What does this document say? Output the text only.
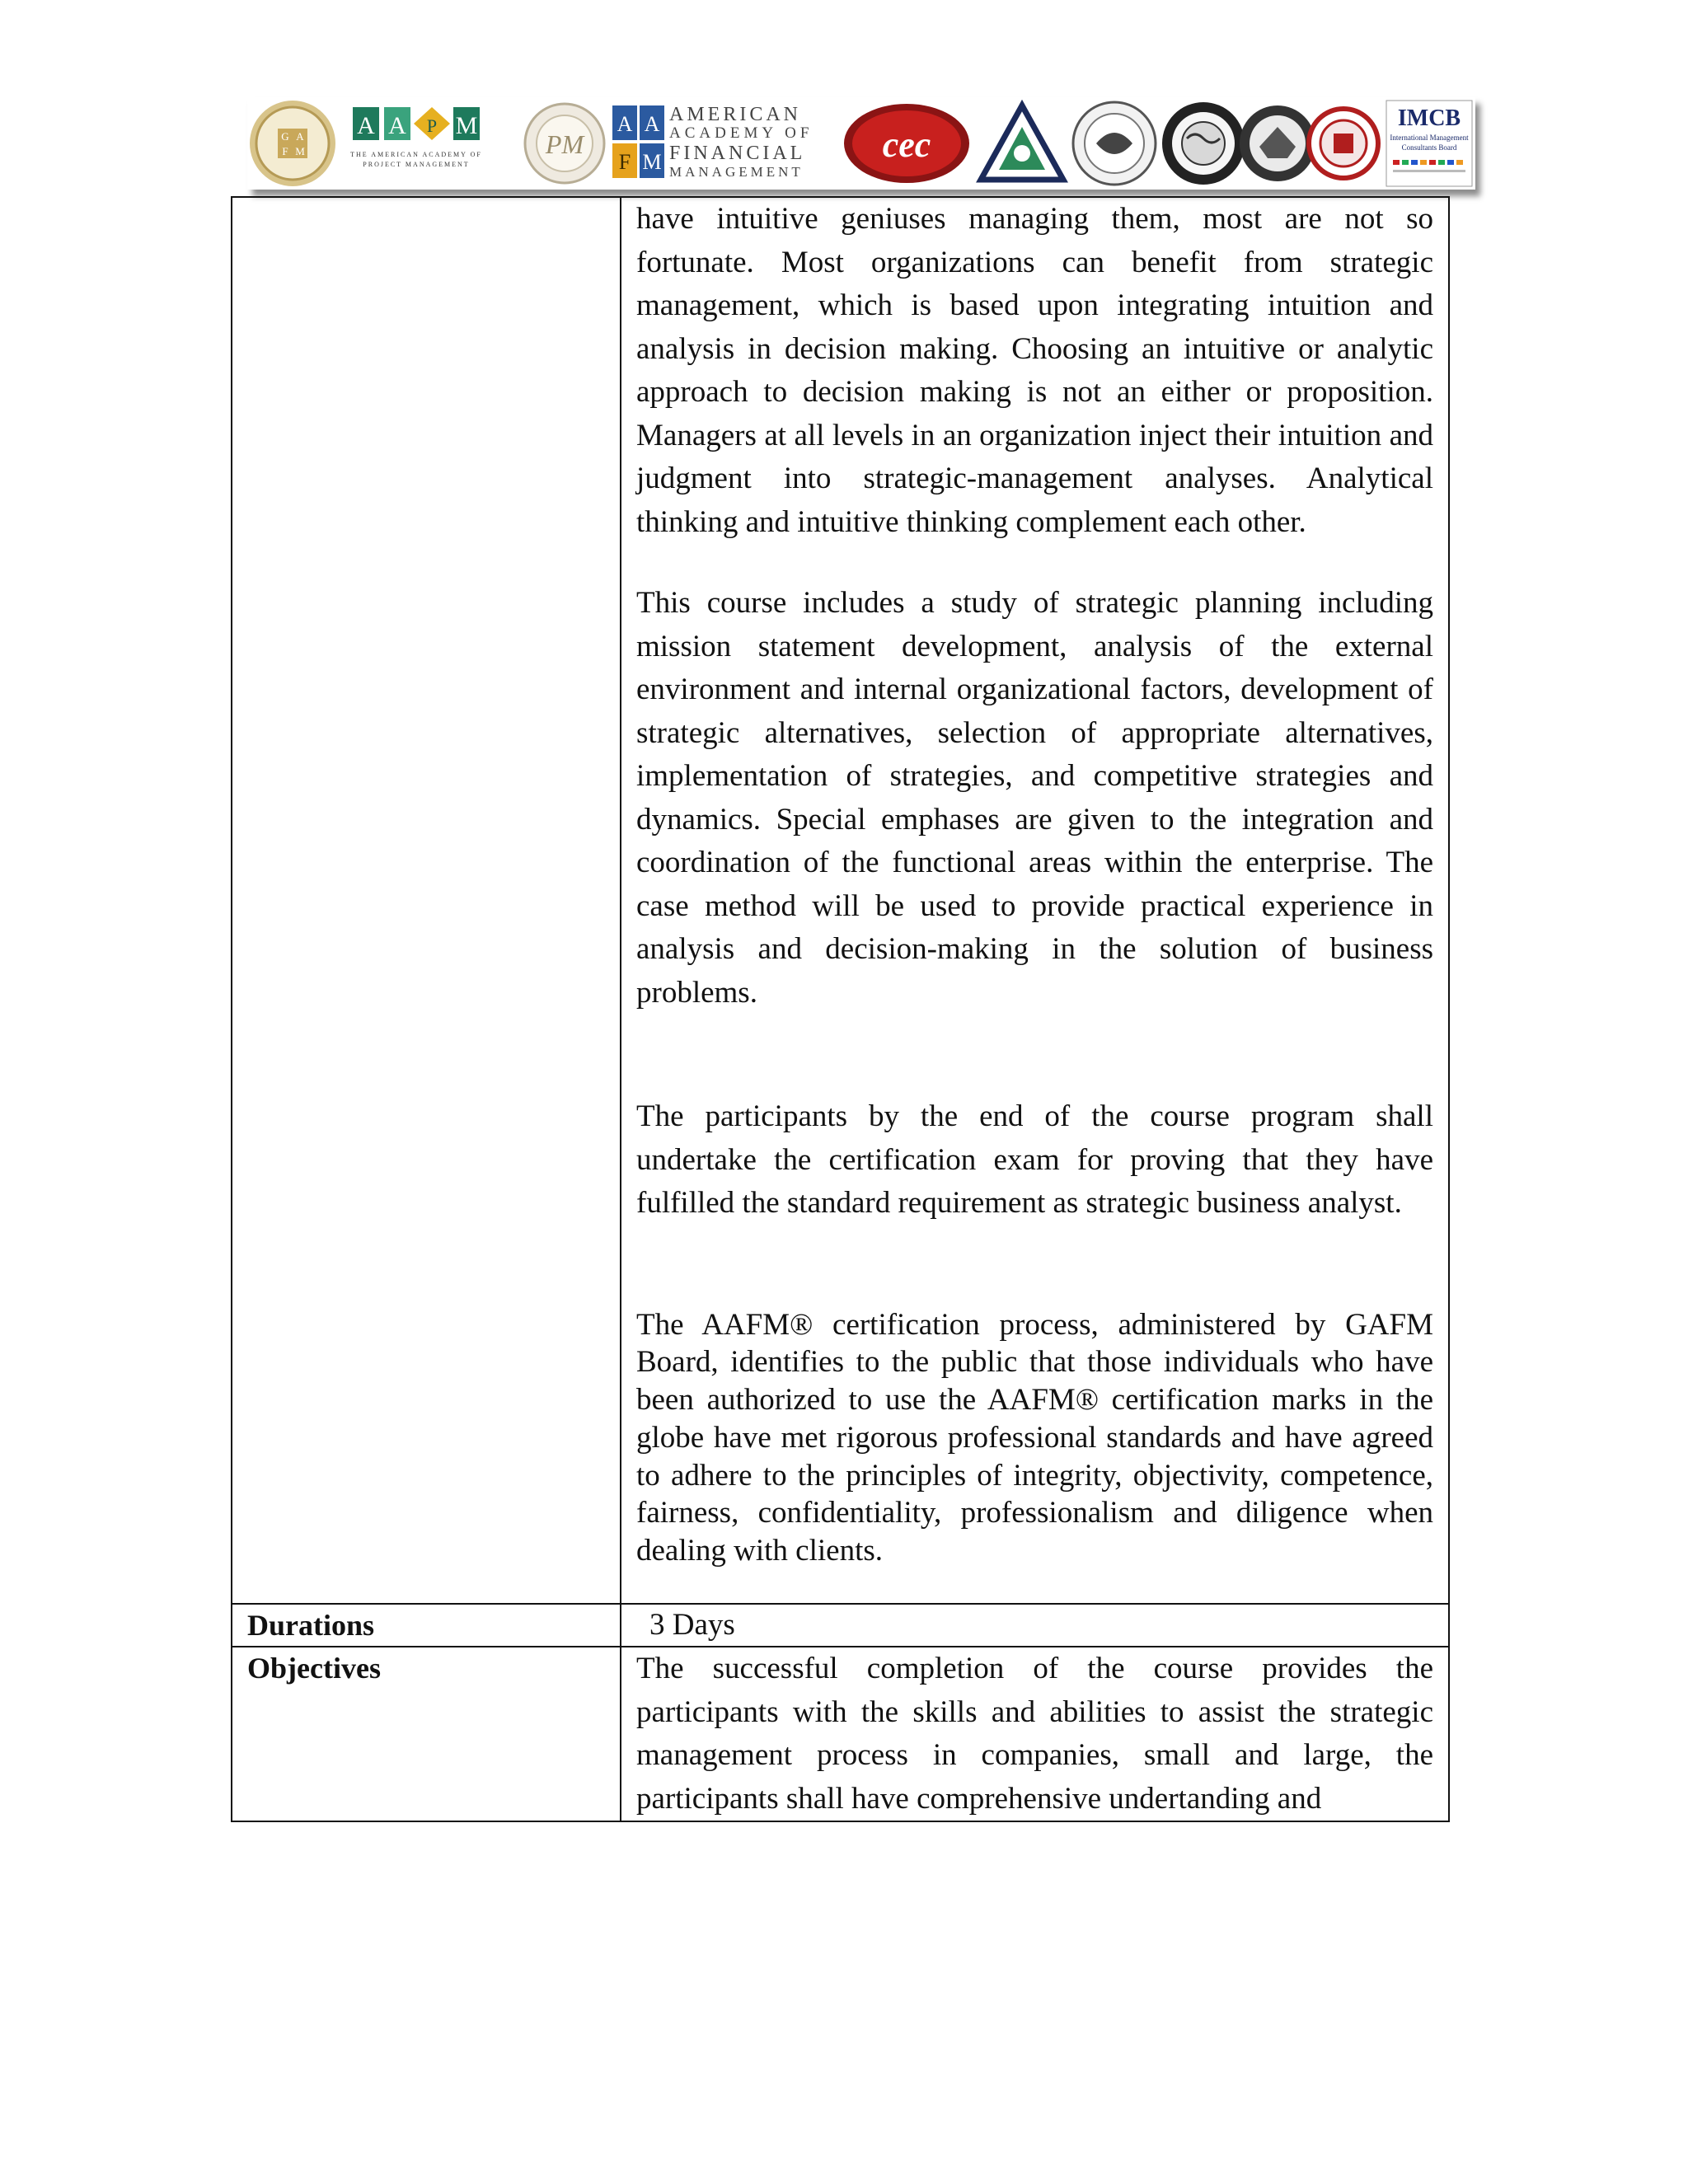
G A
F M
A A P M
THE AMERICAN ACADEMY OF
PROJECT MANAGEMENT
PM
A A
F M
AMERICAN
ACADEMY OF
FINANCIAL
MANAGEMENT
cec
IMCB
International Management
Consultants Board

	have intuitive geniuses managing them, most are not so fortunate. Most organizations can benefit from strategic management, which is based upon integrating intuition and analysis in decision making. Choosing an intuitive or analytic approach to decision making is not an either or proposition. Managers at all levels in an organization inject their intuition and judgment into strategic-management analyses. Analytical thinking and intuitive thinking complement each other.

This course includes a study of strategic planning including mission statement development, analysis of the external environment and internal organizational factors, development of strategic alternatives, selection of appropriate alternatives, implementation of strategies, and competitive strategies and dynamics. Special emphases are given to the integration and coordination of the functional areas within the enterprise. The case method will be used to provide practical experience in analysis and decision-making in the solution of business problems.

The participants by the end of the course program shall undertake the certification exam for proving that they have fulfilled the standard requirement as strategic business analyst.

The AAFM® certification process, administered by GAFM Board, identifies to the public that those individuals who have been authorized to use the AAFM® certification marks in the globe have met rigorous professional standards and have agreed to adhere to the principles of integrity, objectivity, competence, fairness, confidentiality, professionalism and diligence when dealing with clients.

Durations	3 Days

Objectives	The successful completion of the course provides the participants with the skills and abilities to assist the strategic management process in companies, small and large, the participants shall have comprehensive undertanding and
